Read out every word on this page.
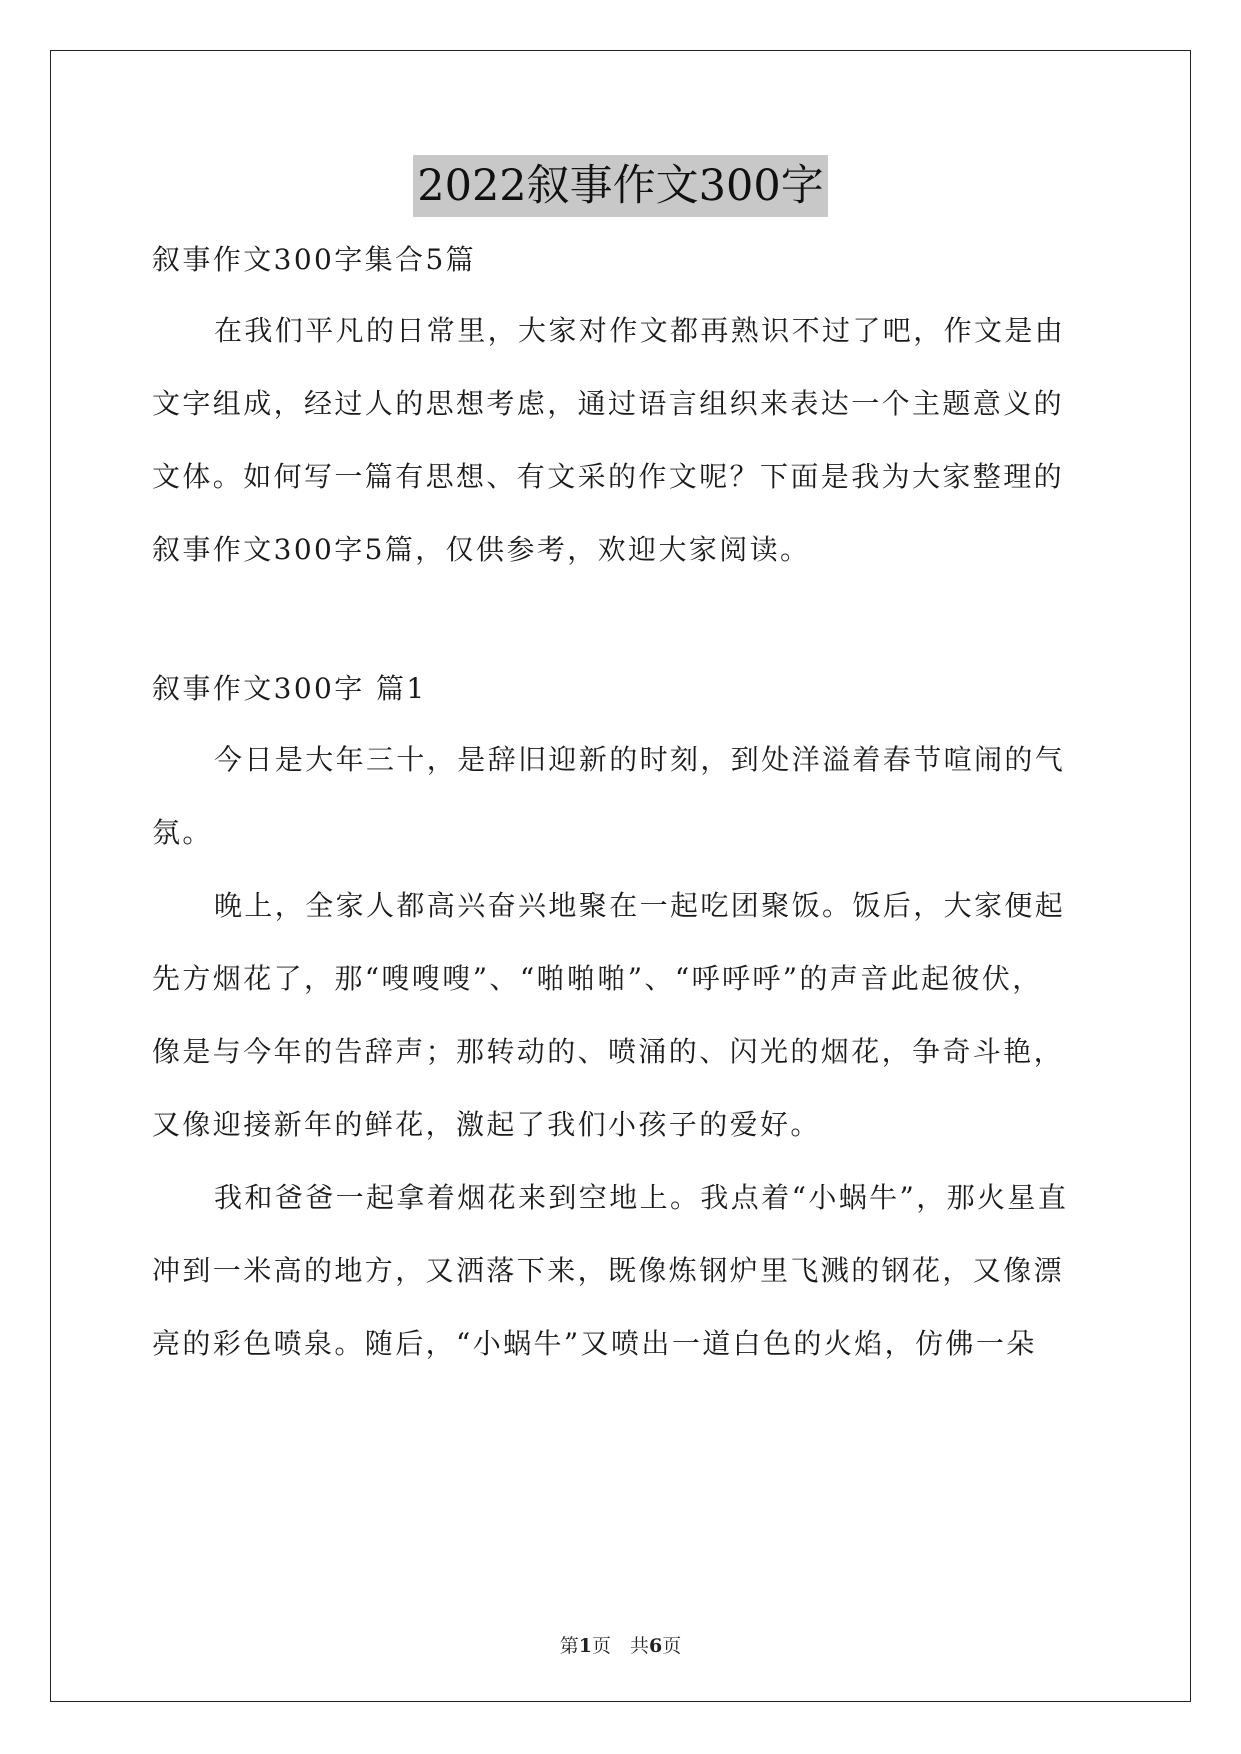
2022叙事作文300字
叙事作文300字集合5篇
在我们平凡的日常里，大家对作文都再熟识不过了吧，作文是由
文字组成，经过人的思想考虑，通过语言组织来表达一个主题意义的
文体。如何写一篇有思想、有文采的作文呢？下面是我为大家整理的
叙事作文300字5篇，仅供参考，欢迎大家阅读。
叙事作文300字 篇1
今日是大年三十，是辞旧迎新的时刻，到处洋溢着春节喧闹的气
氛。
晚上，全家人都高兴奋兴地聚在一起吃团聚饭。饭后，大家便起
先方烟花了，那“嗖嗖嗖”、“啪啪啪”、“呼呼呼”的声音此起彼伏，
像是与今年的告辞声；那转动的、喷涌的、闪光的烟花，争奇斗艳，
又像迎接新年的鲜花，激起了我们小孩子的爱好。
我和爸爸一起拿着烟花来到空地上。我点着“小蜗牛”，那火星直
冲到一米高的地方，又洒落下来，既像炼钢炉里飞溅的钢花，又像漂
亮的彩色喷泉。随后，“小蜗牛”又喷出一道白色的火焰，仿佛一朵
第1页　共6页
